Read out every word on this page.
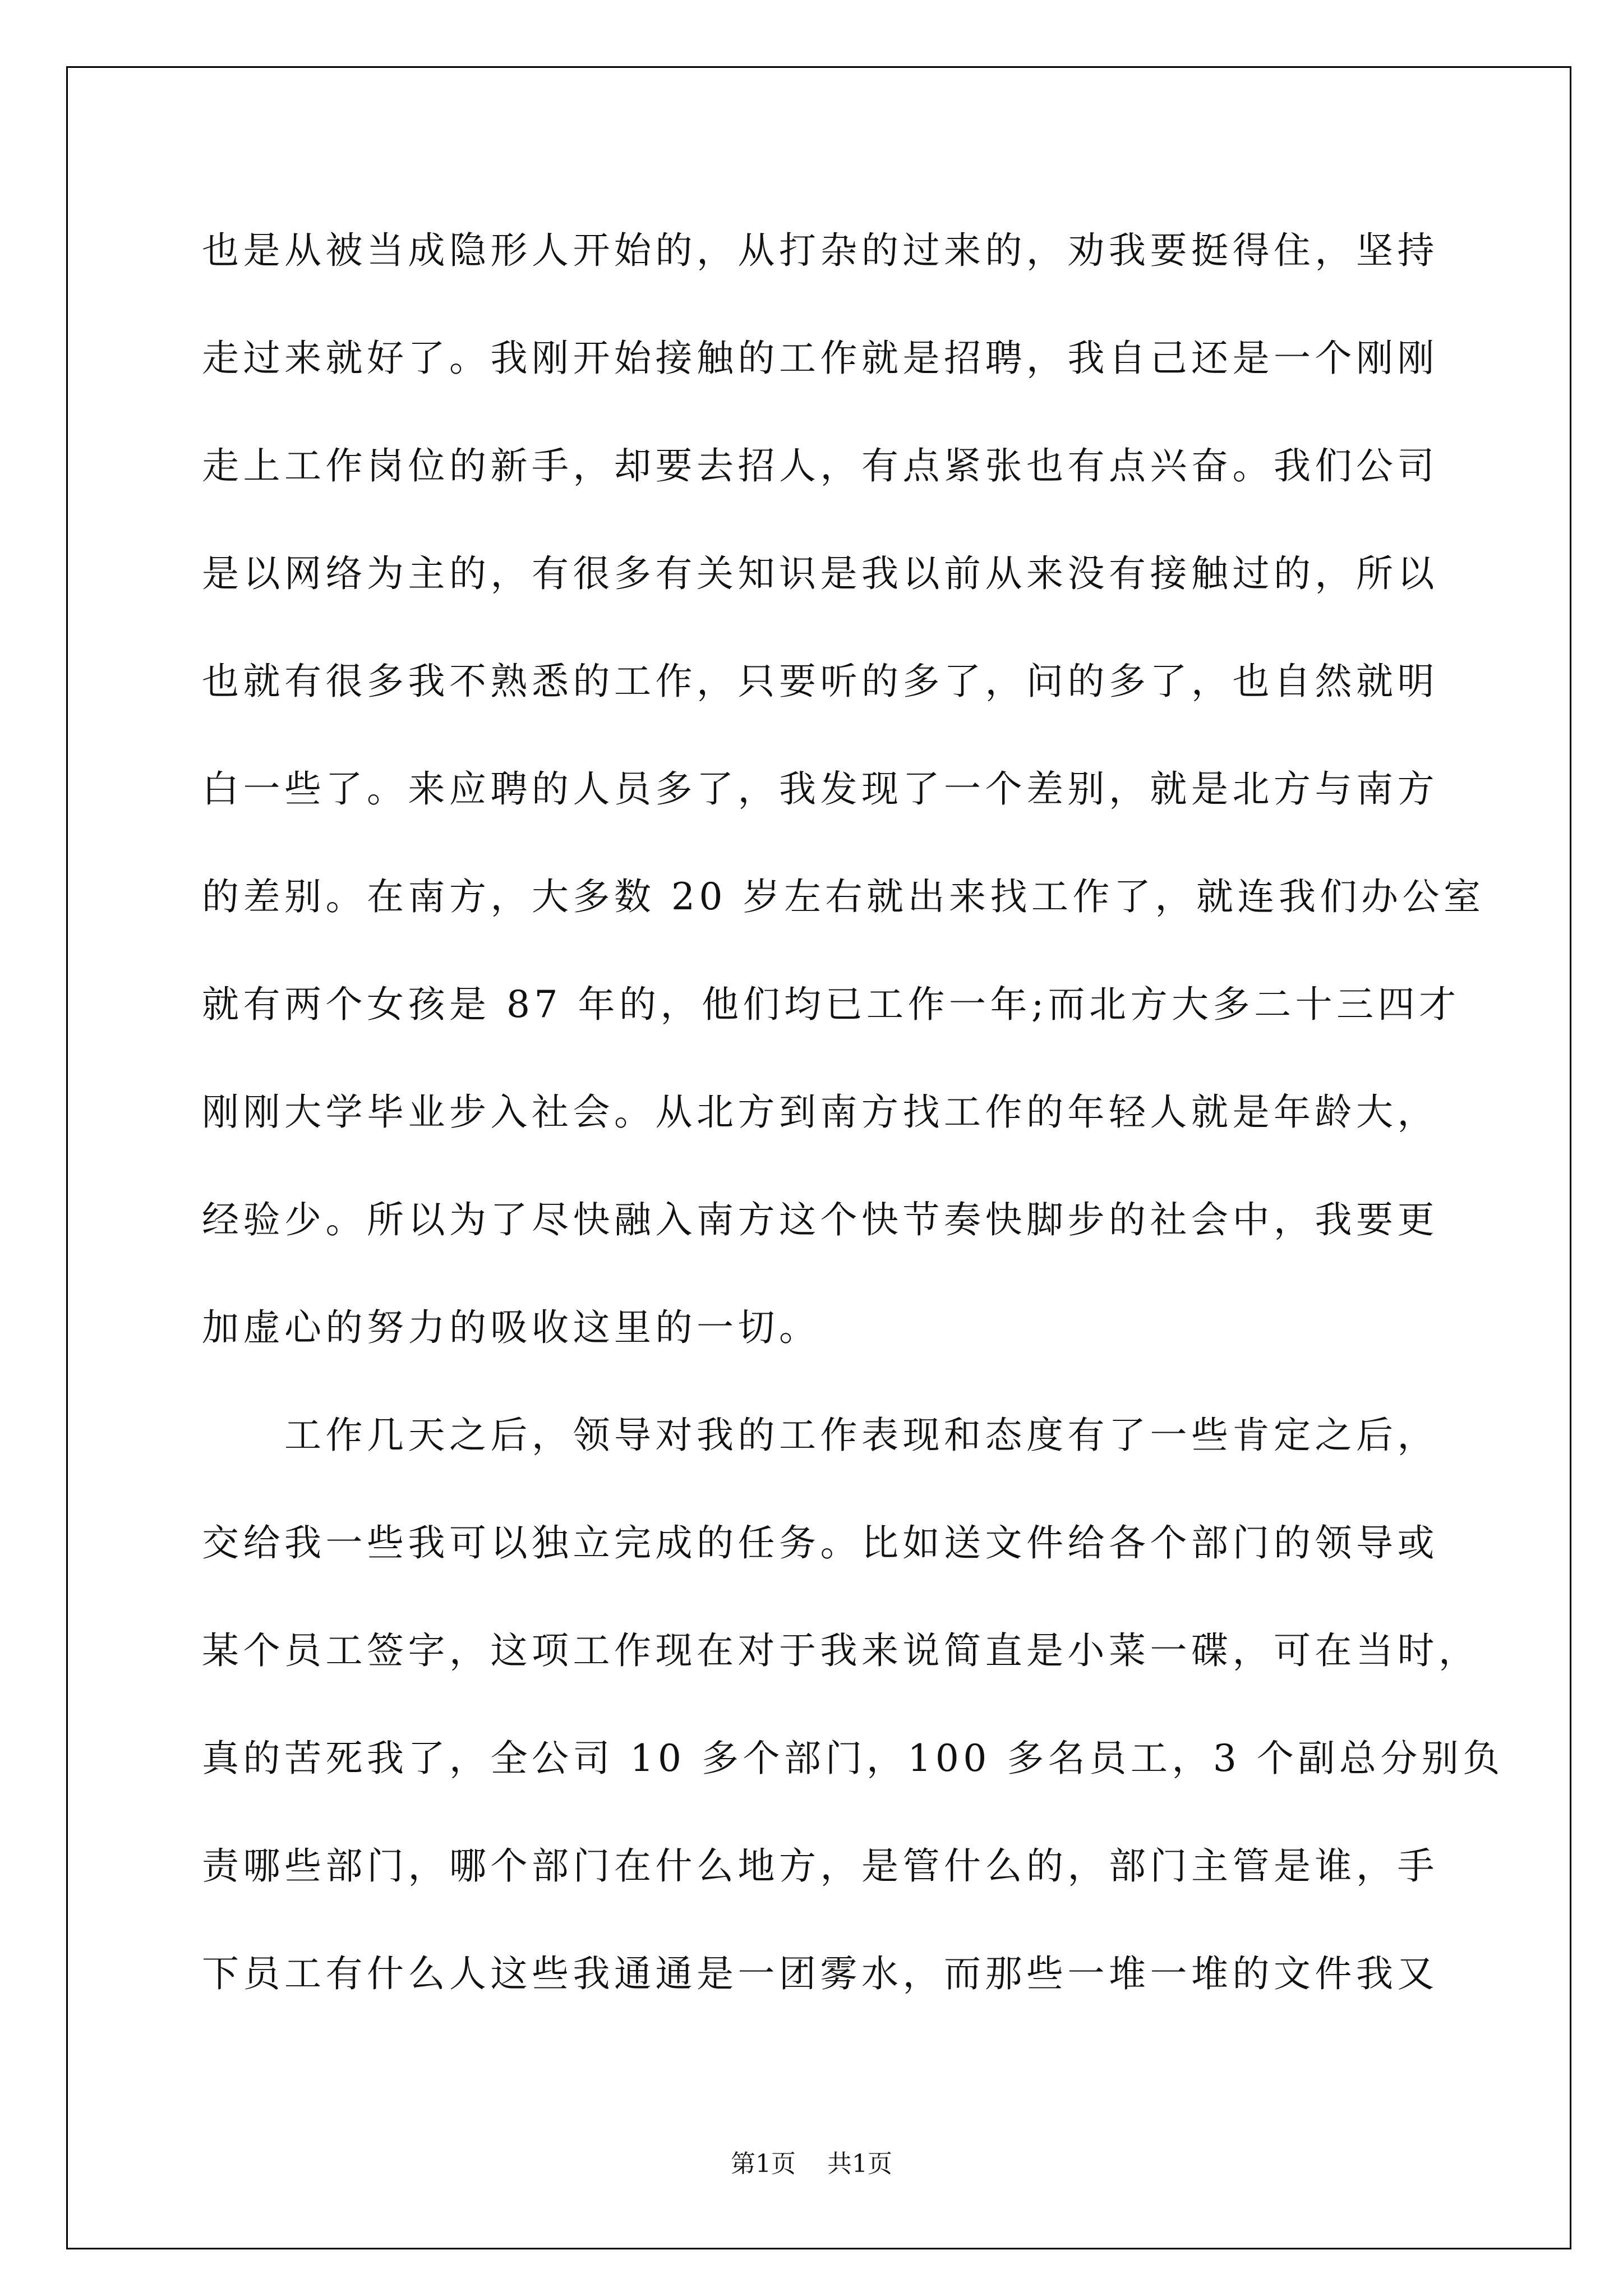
也是从被当成隐形人开始的，从打杂的过来的，劝我要挺得住，坚持
走过来就好了。我刚开始接触的工作就是招聘，我自己还是一个刚刚
走上工作岗位的新手，却要去招人，有点紧张也有点兴奋。我们公司
是以网络为主的，有很多有关知识是我以前从来没有接触过的，所以
也就有很多我不熟悉的工作，只要听的多了，问的多了，也自然就明
白一些了。来应聘的人员多了，我发现了一个差别，就是北方与南方
的差别。在南方，大多数 20 岁左右就出来找工作了，就连我们办公室
就有两个女孩是 87 年的，他们均已工作一年;而北方大多二十三四才
刚刚大学毕业步入社会。从北方到南方找工作的年轻人就是年龄大，
经验少。所以为了尽快融入南方这个快节奏快脚步的社会中，我要更
加虚心的努力的吸收这里的一切。
工作几天之后，领导对我的工作表现和态度有了一些肯定之后，
交给我一些我可以独立完成的任务。比如送文件给各个部门的领导或
某个员工签字，这项工作现在对于我来说简直是小菜一碟，可在当时，
真的苦死我了，全公司 10 多个部门，100 多名员工，3 个副总分别负
责哪些部门，哪个部门在什么地方，是管什么的，部门主管是谁，手
下员工有什么人这些我通通是一团雾水，而那些一堆一堆的文件我又
第1页 共1页
